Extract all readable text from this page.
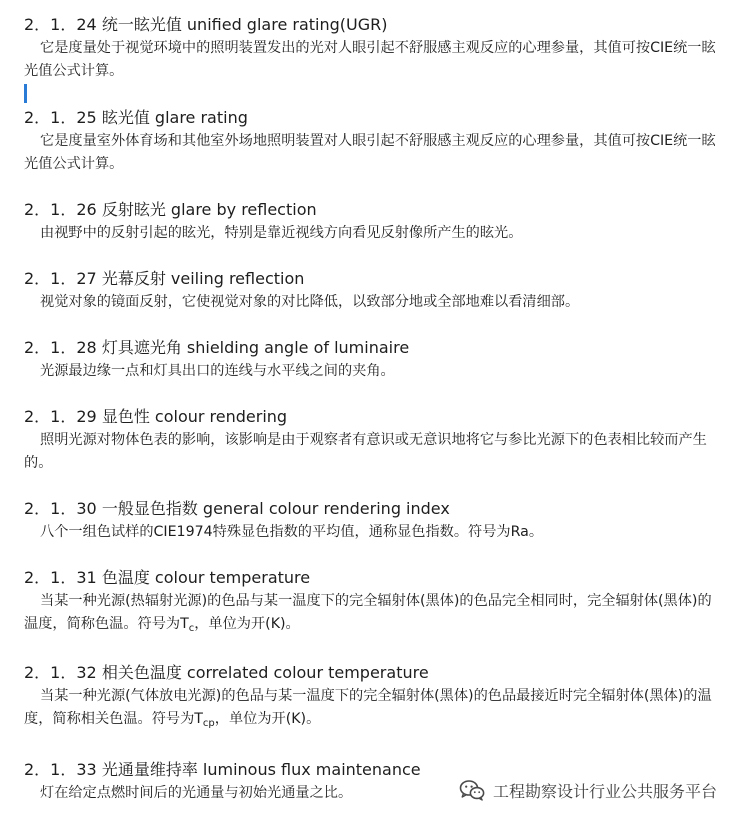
2．1．24 统一眩光值 unified glare rating(UGR)
它是度量处于视觉环境中的照明装置发出的光对人眼引起不舒服感主观反应的心理参量，其值可按CIE统一眩光值公式计算。
2．1．25 眩光值 glare rating
它是度量室外体育场和其他室外场地照明装置对人眼引起不舒服感主观反应的心理参量，其值可按CIE统一眩光值公式计算。
2．1．26 反射眩光 glare by reflection
由视野中的反射引起的眩光，特别是靠近视线方向看见反射像所产生的眩光。
2．1．27 光幕反射 veiling reflection
视觉对象的镜面反射，它使视觉对象的对比降低，以致部分地或全部地难以看清细部。
2．1．28 灯具遮光角 shielding angle of luminaire
光源最边缘一点和灯具出口的连线与水平线之间的夹角。
2．1．29 显色性 colour rendering
照明光源对物体色表的影响，该影响是由于观察者有意识或无意识地将它与参比光源下的色表相比较而产生的。
2．1．30 一般显色指数 general colour rendering index
八个一组色试样的CIE1974特殊显色指数的平均值，通称显色指数。符号为Ra。
2．1．31 色温度 colour temperature
当某一种光源(热辐射光源)的色品与某一温度下的完全辐射体(黑体)的色品完全相同时，完全辐射体(黑体)的温度，简称色温。符号为$T_c$，单位为开(K)。
2．1．32 相关色温度 correlated colour temperature
当某一种光源(气体放电光源)的色品与某一温度下的完全辐射体(黑体)的色品最接近时完全辐射体(黑体)的温度，简称相关色温。符号为$T_{cp}$，单位为开(K)。
2．1．33 光通量维持率 luminous flux maintenance
灯在给定点燃时间后的光通量与初始光通量之比。	工程勘察设计行业公共服务平台
